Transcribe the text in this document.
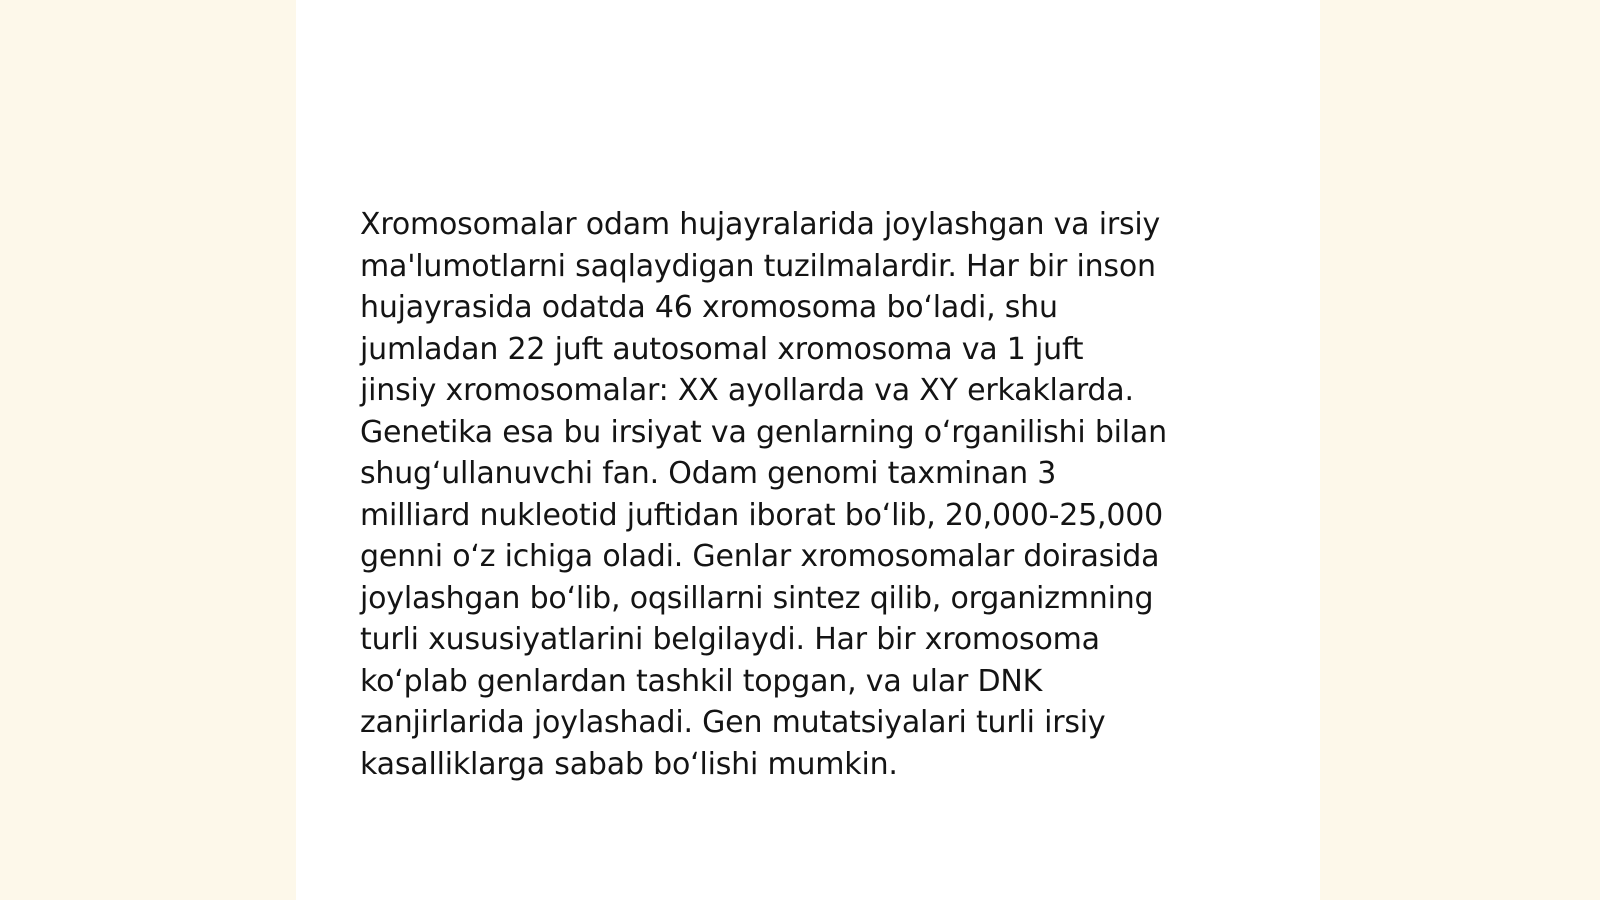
Xromosomalar odam hujayralarida joylashgan va irsiy
ma'lumotlarni saqlaydigan tuzilmalardir. Har bir inson
hujayrasida odatda 46 xromosoma boʻladi, shu
jumladan 22 juft autosomal xromosoma va 1 juft
jinsiy xromosomalar: XX ayollarda va XY erkaklarda.
Genetika esa bu irsiyat va genlarning oʻrganilishi bilan
shugʻullanuvchi fan. Odam genomi taxminan 3
milliard nukleotid juftidan iborat boʻlib, 20,000-25,000
genni oʻz ichiga oladi. Genlar xromosomalar doirasida
joylashgan boʻlib, oqsillarni sintez qilib, organizmning
turli xususiyatlarini belgilaydi. Har bir xromosoma
koʻplab genlardan tashkil topgan, va ular DNK
zanjirlarida joylashadi. Gen mutatsiyalari turli irsiy
kasalliklarga sabab boʻlishi mumkin.
